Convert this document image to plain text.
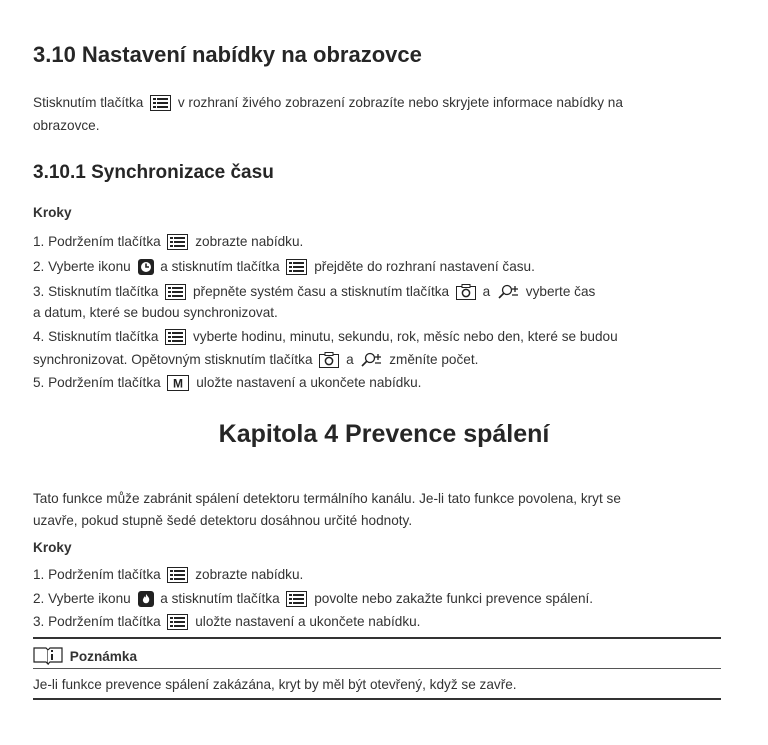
3.10 Nastavení nabídky na obrazovce
Stisknutím tlačítka	v rozhraní živého zobrazení zobrazíte nebo skryjete informace nabídky na
obrazovce.
3.10.1 Synchronizace času
Kroky
1. Podržením tlačítka	zobrazte nabídku.
2. Vyberte ikonu a stisknutím tlačítka	přejděte do rozhraní nastavení času.
3. Stisknutím tlačítka	přepněte systém času a stisknutím tlačítka a	vyberte čas
a datum, které se budou synchronizovat.
4. Stisknutím tlačítka	vyberte hodinu, minutu, sekundu, rok, měsíc nebo den, které se budou
synchronizovat. Opětovným stisknutím tlačítka a	změníte počet.
5. Podržením tlačítka M uložte nastavení a ukončete nabídku.
Kapitola 4 Prevence spálení
Tato funkce může zabránit spálení detektoru termálního kanálu. Je-li tato funkce povolena, kryt se
uzavře, pokud stupně šedé detektoru dosáhnou určité hodnoty.
Kroky
1. Podržením tlačítka	zobrazte nabídku.
2. Vyberte ikonu a stisknutím tlačítka	povolte nebo zakažte funkci prevence spálení.
3. Podržením tlačítka	uložte nastavení a ukončete nabídku.
Poznámka
Je-li funkce prevence spálení zakázána, kryt by měl být otevřený, když se zavře.
